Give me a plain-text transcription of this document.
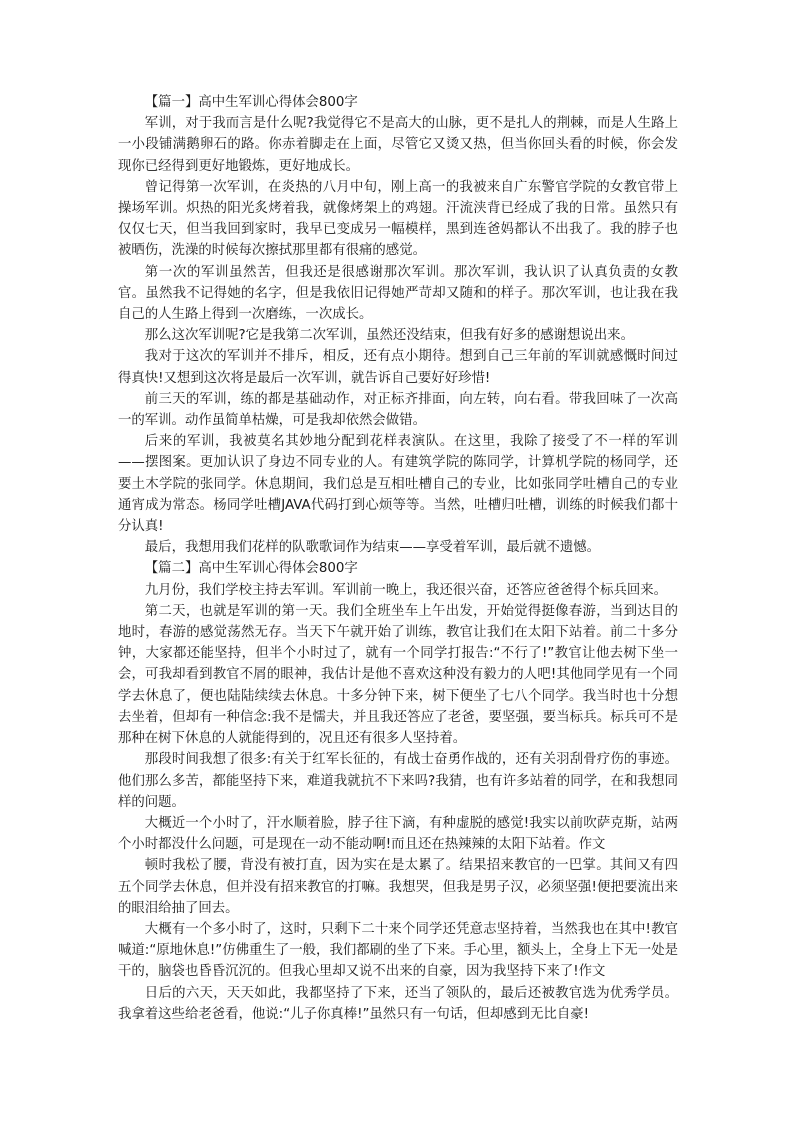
【篇一】高中生军训心得体会800字

军训，对于我而言是什么呢?我觉得它不是高大的山脉，更不是扎人的荆棘，而是人生路上一小段铺满鹅卵石的路。你赤着脚走在上面，尽管它又烫又热，但当你回头看的时候，你会发现你已经得到更好地锻炼，更好地成长。

曾记得第一次军训，在炎热的八月中旬，刚上高一的我被来自广东警官学院的女教官带上操场军训。炽热的阳光炙烤着我，就像烤架上的鸡翅。汗流浃背已经成了我的日常。虽然只有仅仅七天，但当我回到家时，我早已变成另一幅模样，黑到连爸妈都认不出我了。我的脖子也被晒伤，洗澡的时候每次擦拭那里都有很痛的感觉。

第一次的军训虽然苦，但我还是很感谢那次军训。那次军训，我认识了认真负责的女教官。虽然我不记得她的名字，但是我依旧记得她严苛却又随和的样子。那次军训，也让我在我自己的人生路上得到一次磨练，一次成长。

那么这次军训呢?它是我第二次军训，虽然还没结束，但我有好多的感谢想说出来。

我对于这次的军训并不排斥，相反，还有点小期待。想到自己三年前的军训就感慨时间过得真快!又想到这次将是最后一次军训，就告诉自己要好好珍惜!

前三天的军训，练的都是基础动作，对正标齐排面，向左转，向右看。带我回味了一次高一的军训。动作虽简单枯燥，可是我却依然会做错。

后来的军训，我被莫名其妙地分配到花样表演队。在这里，我除了接受了不一样的军训——摆图案。更加认识了身边不同专业的人。有建筑学院的陈同学，计算机学院的杨同学，还要土木学院的张同学。休息期间，我们总是互相吐槽自己的专业，比如张同学吐槽自己的专业通宵成为常态。杨同学吐槽JAVA代码打到心烦等等。当然，吐槽归吐槽，训练的时候我们都十分认真!

最后，我想用我们花样的队歌歌词作为结束——享受着军训，最后就不遗憾。

【篇二】高中生军训心得体会800字

九月份，我们学校主持去军训。军训前一晚上，我还很兴奋，还答应爸爸得个标兵回来。

第二天，也就是军训的第一天。我们全班坐车上午出发，开始觉得挺像春游，当到达目的地时，春游的感觉荡然无存。当天下午就开始了训练，教官让我们在太阳下站着。前二十多分钟，大家都还能坚持，但半个小时过了，就有一个同学打报告:“不行了!”教官让他去树下坐一会，可我却看到教官不屑的眼神，我估计是他不喜欢这种没有毅力的人吧!其他同学见有一个同学去休息了，便也陆陆续续去休息。十多分钟下来，树下便坐了七八个同学。我当时也十分想去坐着，但却有一种信念:我不是懦夫，并且我还答应了老爸，要坚强，要当标兵。标兵可不是那种在树下休息的人就能得到的，况且还有很多人坚持着。

那段时间我想了很多:有关于红军长征的，有战士奋勇作战的，还有关羽刮骨疗伤的事迹。他们那么多苦，都能坚持下来，难道我就抗不下来吗?我猜，也有许多站着的同学，在和我想同样的问题。

大概近一个小时了，汗水顺着脸，脖子往下滴，有种虚脱的感觉!我实以前吹萨克斯，站两个小时都没什么问题，可是现在一动不能动啊!而且还在热辣辣的太阳下站着。作文

顿时我松了腰，背没有被打直，因为实在是太累了。结果招来教官的一巴掌。其间又有四五个同学去休息，但并没有招来教官的打嘛。我想哭，但我是男子汉，必须坚强!便把要流出来的眼泪给抽了回去。

大概有一个多小时了，这时，只剩下二十来个同学还凭意志坚持着，当然我也在其中!教官喊道:“原地休息!”仿佛重生了一般，我们都刷的坐了下来。手心里，额头上，全身上下无一处是干的，脑袋也昏昏沉沉的。但我心里却又说不出来的自豪，因为我坚持下来了!作文

日后的六天，天天如此，我都坚持了下来，还当了领队的，最后还被教官选为优秀学员。我拿着这些给老爸看，他说:“儿子你真棒!”虽然只有一句话，但却感到无比自豪!
